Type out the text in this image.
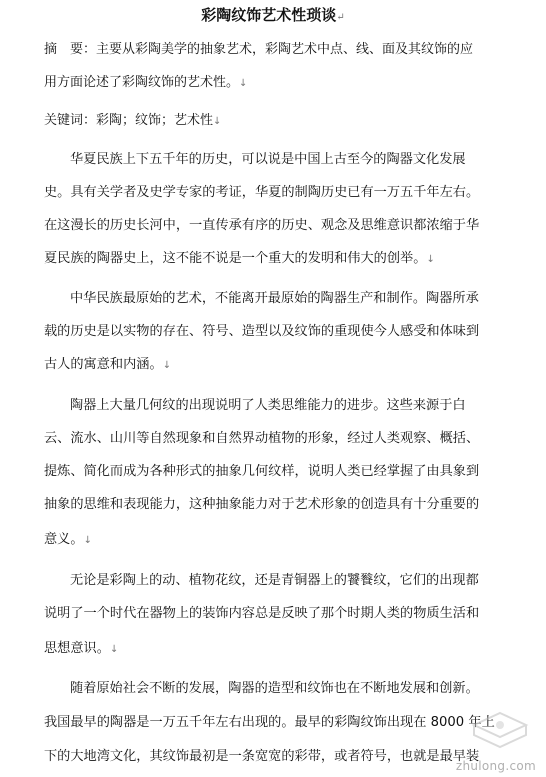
彩陶纹饰艺术性琐谈↵
摘　要：主要从彩陶美学的抽象艺术，彩陶艺术中点、线、面及其纹饰的应
用方面论述了彩陶纹饰的艺术性。↓
关键词：彩陶；纹饰；艺术性↓
华夏民族上下五千年的历史，可以说是中国上古至今的陶器文化发展
史。具有关学者及史学专家的考证，华夏的制陶历史已有一万五千年左右。
在这漫长的历史长河中，一直传承有序的历史、观念及思维意识都浓缩于华
夏民族的陶器史上，这不能不说是一个重大的发明和伟大的创举。↓
中华民族最原始的艺术，不能离开最原始的陶器生产和制作。陶器所承
载的历史是以实物的存在、符号、造型以及纹饰的重现使今人感受和体味到
古人的寓意和内涵。↓
陶器上大量几何纹的出现说明了人类思维能力的进步。这些来源于白
云、流水、山川等自然现象和自然界动植物的形象，经过人类观察、概括、
提炼、简化而成为各种形式的抽象几何纹样，说明人类已经掌握了由具象到
抽象的思维和表现能力，这种抽象能力对于艺术形象的创造具有十分重要的
意义。↓
无论是彩陶上的动、植物花纹，还是青铜器上的饕餮纹，它们的出现都
说明了一个时代在器物上的装饰内容总是反映了那个时期人类的物质生活和
思想意识。↓
随着原始社会不断的发展，陶器的造型和纹饰也在不断地发展和创新。
我国最早的陶器是一万五千年左右出现的。最早的彩陶纹饰出现在 8000 年上
下的大地湾文化，其纹饰最初是一条宽宽的彩带，或者符号，也就是最早装
zhulong.com
